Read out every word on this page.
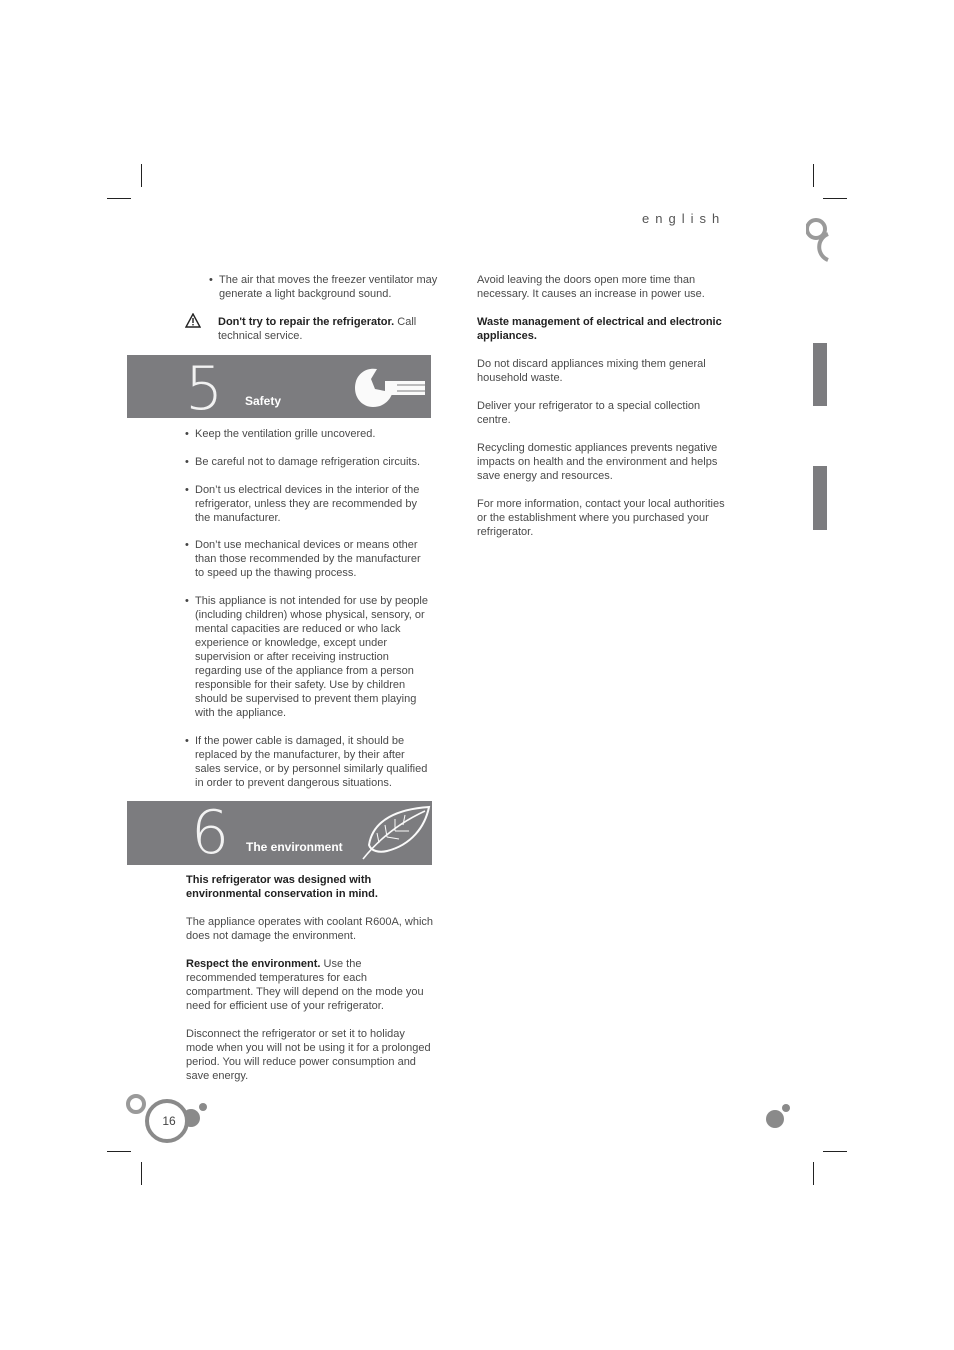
english
• The air that moves the freezer ventilator may generate a light background sound.
Don't try to repair the refrigerator. Call technical service.
5 Safety
• Keep the ventilation grille uncovered.
• Be careful not to damage refrigeration circuits.
• Don’t us electrical devices in the interior of the refrigerator, unless they are recommended by the manufacturer.
• Don’t use mechanical devices or means other than those recommended by the manufacturer to speed up the thawing process.
• This appliance is not intended for use by people (including children) whose physical, sensory, or mental capacities are reduced or who lack experience or knowledge, except under supervision or after receiving instruction regarding use of the appliance from a person responsible for their safety. Use by children should be supervised to prevent them playing with the appliance.
• If the power cable is damaged, it should be replaced by the manufacturer, by their after sales service, or by personnel similarly qualified in order to prevent dangerous situations.
6 The environment

This refrigerator was designed with environmental conservation in mind.

The appliance operates with coolant R600A, which does not damage the environment.

Respect the environment. Use the recommended temperatures for each compartment. They will depend on the mode you need for efficient use of your refrigerator.

Disconnect the refrigerator or set it to holiday mode when you will not be using it for a prolonged period. You will reduce power consumption and save energy.

Avoid leaving the doors open more time than necessary. It causes an increase in power use.

Waste management of electrical and electronic appliances.

Do not discard appliances mixing them general household waste.

Deliver your refrigerator to a special collection centre.

Recycling domestic appliances prevents negative impacts on health and the environment and helps save energy and resources.

For more information, contact your local authorities or the establishment where you purchased your refrigerator.

16
